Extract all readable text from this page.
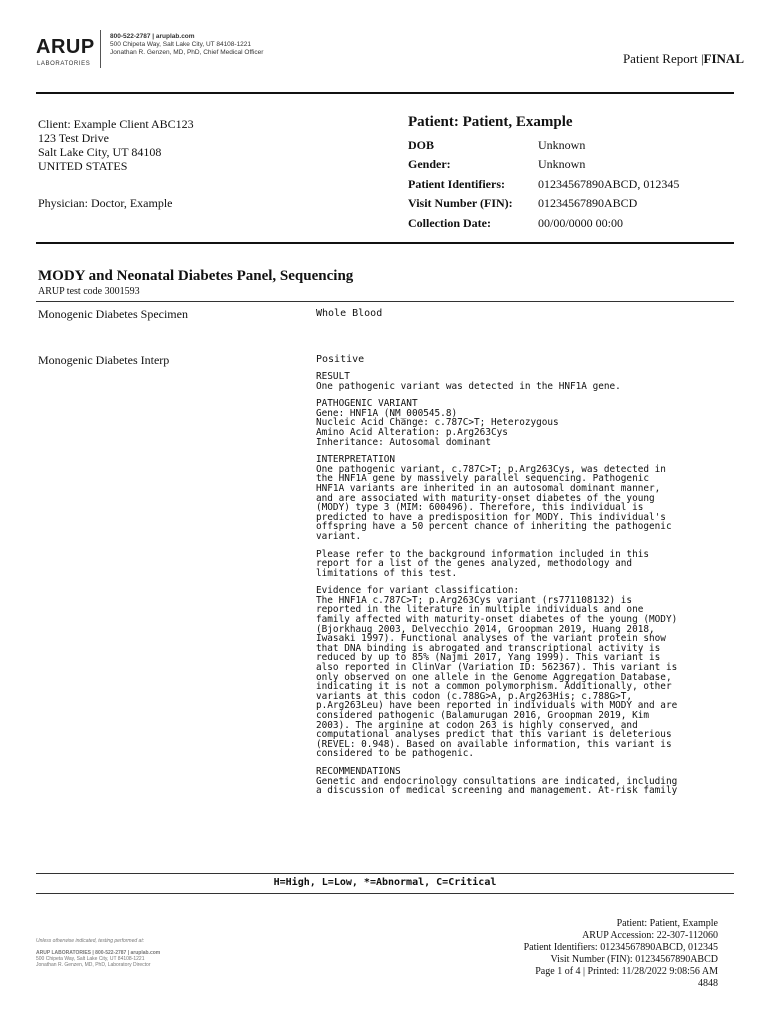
ARUP
LABORATORIES
800-522-2787 | aruplab.com
500 Chipeta Way, Salt Lake City, UT 84108-1221
Jonathan R. Genzen, MD, PhD, Chief Medical Officer	Patient Report |FINAL
Client: Example Client ABC123
123 Test Drive
Salt Lake City, UT 84108
UNITED STATES
Physician: Doctor, Example
Patient: Patient, Example
DOB	Unknown
Gender:	Unknown
Patient Identifiers:	01234567890ABCD, 012345
Visit Number (FIN): 01234567890ABCD
Collection Date:	00/00/0000 00:00
MODY and Neonatal Diabetes Panel, Sequencing
ARUP test code 3001593
Monogenic Diabetes Specimen	Whole Blood
Monogenic Diabetes Interp	Positive

RESULT
One pathogenic variant was detected in the HNF1A gene.

PATHOGENIC VARIANT
Gene: HNF1A (NM_000545.8)
Nucleic Acid Change: c.787C>T; Heterozygous
Amino Acid Alteration: p.Arg263Cys
Inheritance: Autosomal dominant

INTERPRETATION
One pathogenic variant, c.787C>T; p.Arg263Cys, was detected in
the HNF1A gene by massively parallel sequencing. Pathogenic
HNF1A variants are inherited in an autosomal dominant manner,
and are associated with maturity-onset diabetes of the young
(MODY) type 3 (MIM: 600496). Therefore, this individual is
predicted to have a predisposition for MODY. This individual's
offspring have a 50 percent chance of inheriting the pathogenic
variant.

Please refer to the background information included in this
report for a list of the genes analyzed, methodology and
limitations of this test.

Evidence for variant classification:
The HNF1A c.787C>T; p.Arg263Cys variant (rs771108132) is
reported in the literature in multiple individuals and one
family affected with maturity-onset diabetes of the young (MODY)
(Bjorkhaug 2003, Delvecchio 2014, Groopman 2019, Huang 2018,
Iwasaki 1997). Functional analyses of the variant protein show
that DNA binding is abrogated and transcriptional activity is
reduced by up to 85% (Najmi 2017, Yang 1999). This variant is
also reported in ClinVar (Variation ID: 562367). This variant is
only observed on one allele in the Genome Aggregation Database,
indicating it is not a common polymorphism. Additionally, other
variants at this codon (c.788G>A, p.Arg263His; c.788G>T,
p.Arg263Leu) have been reported in individuals with MODY and are
considered pathogenic (Balamurugan 2016, Groopman 2019, Kim
2003). The arginine at codon 263 is highly conserved, and
computational analyses predict that this variant is deleterious
(REVEL: 0.948). Based on available information, this variant is
considered to be pathogenic.

RECOMMENDATIONS
Genetic and endocrinology consultations are indicated, including
a discussion of medical screening and management. At-risk family

H=High, L=Low, *=Abnormal, C=Critical
Unless otherwise indicated, testing performed at:
ARUP LABORATORIES | 800-522-2787 | aruplab.com
500 Chipeta Way, Salt Lake City, UT 84108-1221
Jonathan R. Genzen, MD, PhD, Laboratory Director
Patient: Patient, Example
ARUP Accession: 22-307-112060
Patient Identifiers: 01234567890ABCD, 012345
Visit Number (FIN): 01234567890ABCD
Page 1 of 4 | Printed: 11/28/2022 9:08:56 AM
4848
